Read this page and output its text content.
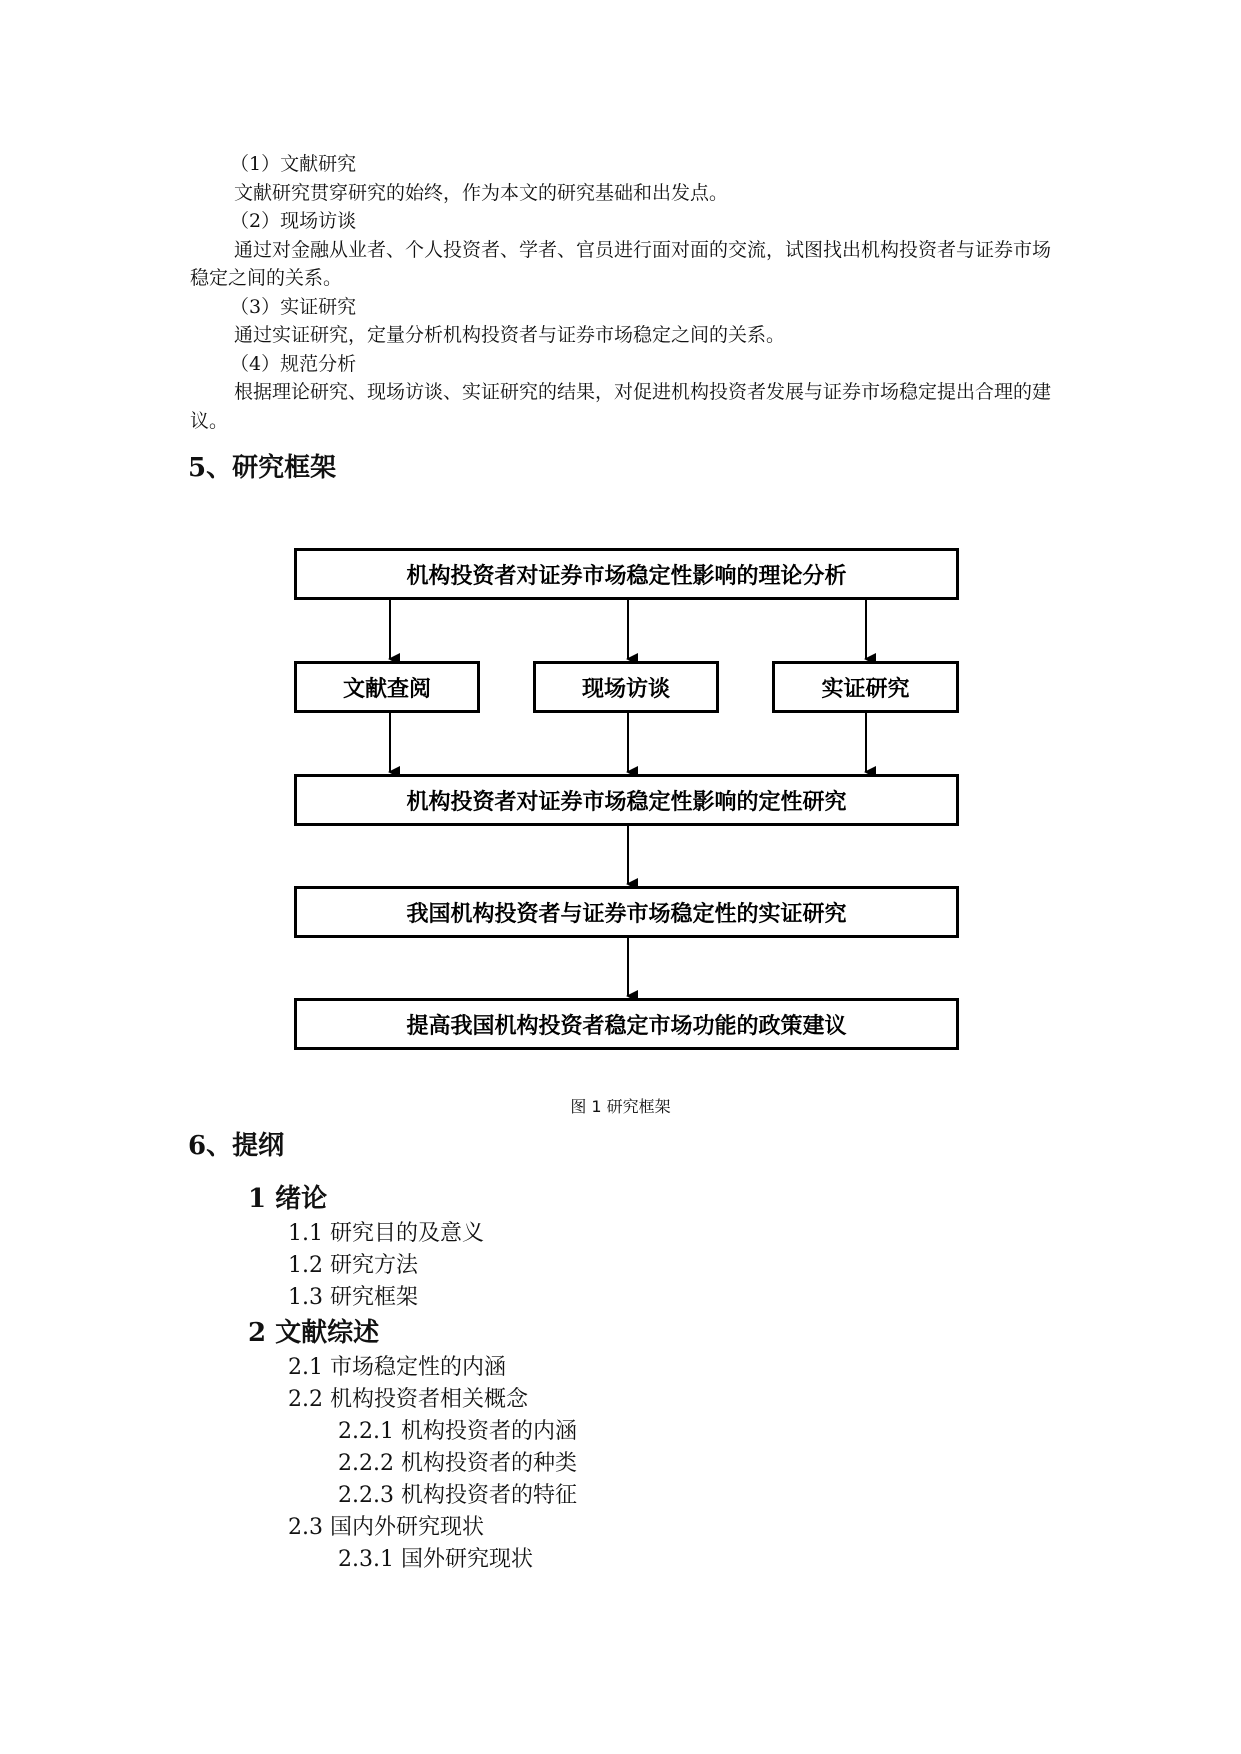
（1）文献研究
文献研究贯穿研究的始终，作为本文的研究基础和出发点。
（2）现场访谈
通过对金融从业者、个人投资者、学者、官员进行面对面的交流，试图找出机构投资者与证券市场稳定之间的关系。
（3）实证研究
通过实证研究，定量分析机构投资者与证券市场稳定之间的关系。
（4）规范分析
根据理论研究、现场访谈、实证研究的结果，对促进机构投资者发展与证券市场稳定提出合理的建议。
5、研究框架
机构投资者对证券市场稳定性影响的理论分析
文献查阅	现场访谈	实证研究
机构投资者对证券市场稳定性影响的定性研究
我国机构投资者与证券市场稳定性的实证研究
提高我国机构投资者稳定市场功能的政策建议
图 1 研究框架
6、提纲
1 绪论
1.1 研究目的及意义
1.2 研究方法
1.3 研究框架
2 文献综述
2.1 市场稳定性的内涵
2.2 机构投资者相关概念
2.2.1 机构投资者的内涵
2.2.2 机构投资者的种类
2.2.3 机构投资者的特征
2.3 国内外研究现状
2.3.1 国外研究现状
